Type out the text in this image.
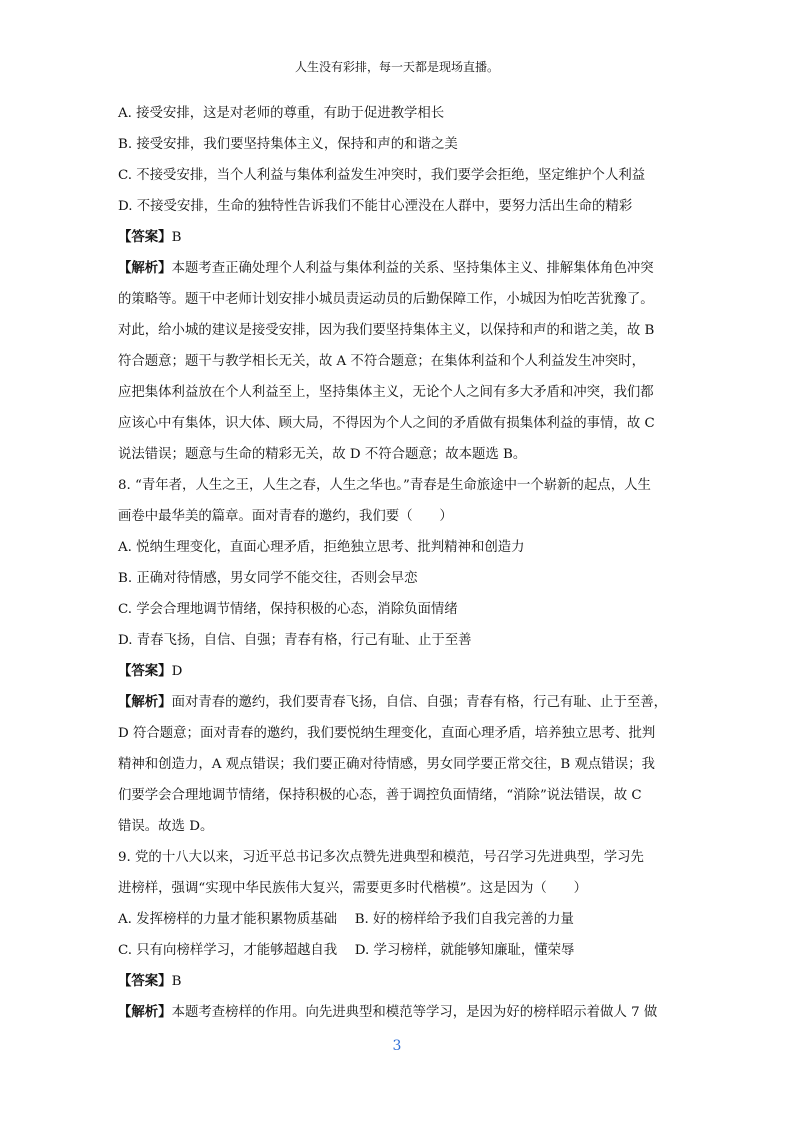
人生没有彩排，每一天都是现场直播。

A. 接受安排，这是对老师的尊重，有助于促进教学相长

B. 接受安排，我们要坚持集体主义，保持和声的和谐之美

C. 不接受安排，当个人利益与集体利益发生冲突时，我们要学会拒绝，坚定维护个人利益

D. 不接受安排，生命的独特性告诉我们不能甘心湮没在人群中，要努力活出生命的精彩

【答案】B

【解析】本题考查正确处理个人利益与集体利益的关系、坚持集体主义、排解集体角色冲突

的策略等。题干中老师计划安排小城员责运动员的后勤保障工作，小城因为怕吃苦犹豫了。

对此，给小城的建议是接受安排，因为我们要坚持集体主义，以保持和声的和谐之美，故 B

符合题意；题干与教学相长无关，故 A 不符合题意；在集体利益和个人利益发生冲突时，

应把集体利益放在个人利益至上，坚持集体主义，无论个人之间有多大矛盾和冲突，我们都

应该心中有集体，识大体、顾大局，不得因为个人之间的矛盾做有损集体利益的事情，故 C

说法错误；题意与生命的精彩无关，故 D 不符合题意；故本题选 B。

8. “青年者，人生之王，人生之春，人生之华也。”青春是生命旅途中一个崭新的起点，人生

画卷中最华美的篇章。面对青春的邀约，我们要（　　）

A. 悦纳生理变化，直面心理矛盾，拒绝独立思考、批判精神和创造力

B. 正确对待情感，男女同学不能交往，否则会早恋

C. 学会合理地调节情绪，保持积极的心态，消除负面情绪

D. 青春飞扬，自信、自强；青春有格，行己有耻、止于至善

【答案】D

【解析】面对青春的邀约，我们要青春飞扬，自信、自强；青春有格，行己有耻、止于至善，

D 符合题意；面对青春的邀约，我们要悦纳生理变化，直面心理矛盾，培养独立思考、批判

精神和创造力，A 观点错误；我们要正确对待情感，男女同学要正常交往，B 观点错误；我

们要学会合理地调节情绪，保持积极的心态，善于调控负面情绪，“消除”说法错误，故 C

错误。故选 D。

9. 党的十八大以来，习近平总书记多次点赞先进典型和模范，号召学习先进典型，学习先

进榜样，强调“实现中华民族伟大复兴，需要更多时代楷模”。这是因为（　　）

A. 发挥榜样的力量才能积累物质基础　 B. 好的榜样给予我们自我完善的力量

C. 只有向榜样学习，才能够超越自我　 D. 学习榜样，就能够知廉耻，懂荣辱

【答案】B

【解析】本题考查榜样的作用。向先进典型和模范等学习，是因为好的榜样昭示着做人 7 做

3
